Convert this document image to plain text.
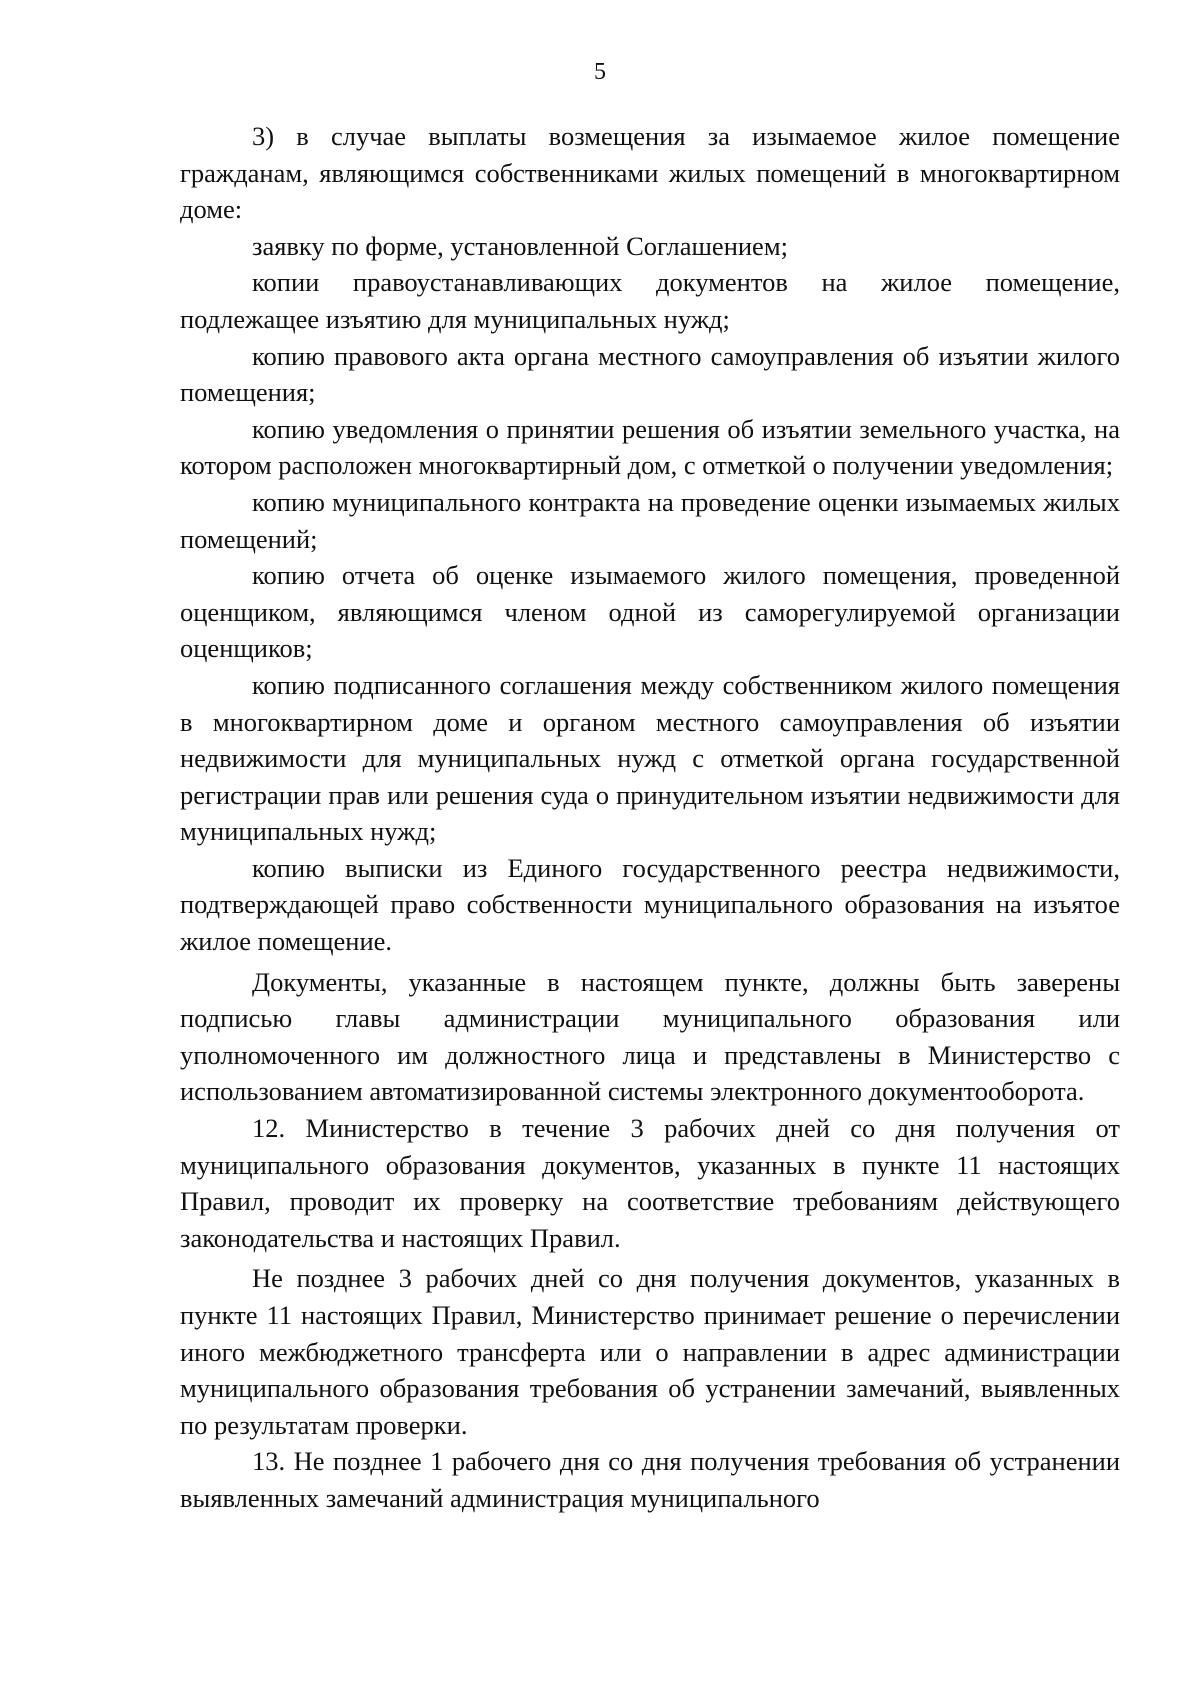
5

3) в случае выплаты возмещения за изымаемое жилое помещение гражданам, являющимся собственниками жилых помещений в многоквартирном доме:

заявку по форме, установленной Соглашением;

копии правоустанавливающих документов на жилое помещение, подлежащее изъятию для муниципальных нужд;

копию правового акта органа местного самоуправления об изъятии жилого помещения;

копию уведомления о принятии решения об изъятии земельного участка, на котором расположен многоквартирный дом, с отметкой о получении уведомления;

копию муниципального контракта на проведение оценки изымаемых жилых помещений;

копию отчета об оценке изымаемого жилого помещения, проведенной оценщиком, являющимся членом одной из саморегулируемой организации оценщиков;

копию подписанного соглашения между собственником жилого помещения в многоквартирном доме и органом местного самоуправления об изъятии недвижимости для муниципальных нужд с отметкой органа государственной регистрации прав или решения суда о принудительном изъятии недвижимости для муниципальных нужд;

копию выписки из Единого государственного реестра недвижимости, подтверждающей право собственности муниципального образования на изъятое жилое помещение.

Документы, указанные в настоящем пункте, должны быть заверены подписью главы администрации муниципального образования или уполномоченного им должностного лица и представлены в Министерство с использованием автоматизированной системы электронного документооборота.

12. Министерство в течение 3 рабочих дней со дня получения от муниципального образования документов, указанных в пункте 11 настоящих Правил, проводит их проверку на соответствие требованиям действующего законодательства и настоящих Правил.

Не позднее 3 рабочих дней со дня получения документов, указанных в пункте 11 настоящих Правил, Министерство принимает решение о перечислении иного межбюджетного трансферта или о направлении в адрес администрации муниципального образования требования об устранении замечаний, выявленных по результатам проверки.

13. Не позднее 1 рабочего дня со дня получения требования об устранении выявленных замечаний администрация муниципального
